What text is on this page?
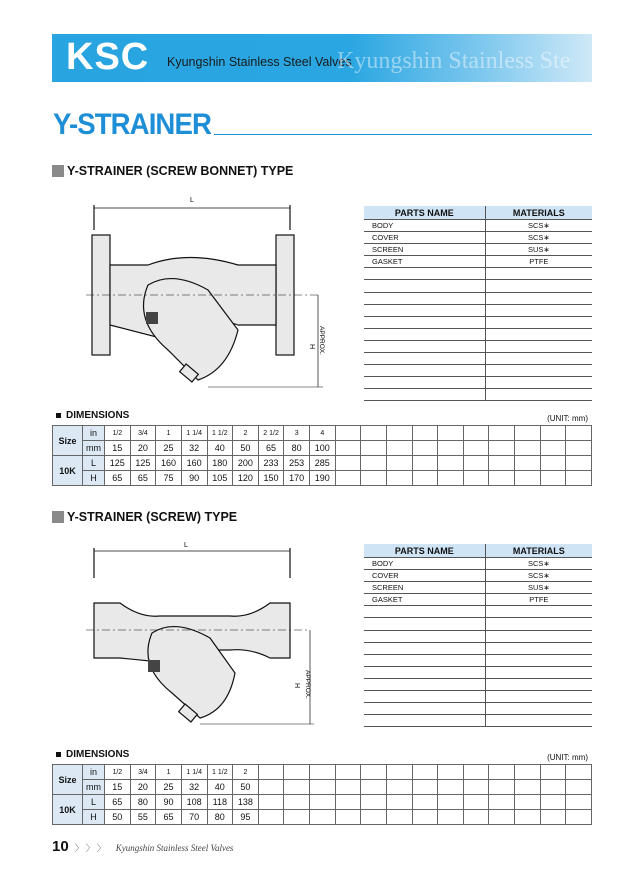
KSC Kyungshin Stainless Steel Valves
Kyungshin Stainless Ste
Y-STRAINER
Y-STRAINER (SCREW BONNET) TYPE
L
H APPROX.
PARTS NAME	MATERIALS
BODY	SCS∗
COVER	SCS∗
SCREEN	SUS∗
GASKET	PTFE

DIMENSIONS	(UNIT: mm)
Size	in	1/2	3/4	1	1 1/4	1 1/2	2	2 1/2	3	4										
	mm	15	20	25	32	40	50	65	80	100										
10K	L	125	125	160	160	180	200	233	253	285										
	H	65	65	75	90	105	120	150	170	190										
Y-STRAINER (SCREW) TYPE
L
H APPROX.
PARTS NAME	MATERIALS
BODY	SCS∗
COVER	SCS∗
SCREEN	SUS∗
GASKET	PTFE

DIMENSIONS	(UNIT: mm)
Size	in	1/2	3/4	1	1 1/4	1 1/2	2													
	mm	15	20	25	32	40	50													
10K	L	65	80	90	108	118	138													
	H	50	55	65	70	80	95													
10 〉〉〉 Kyungshin Stainless Steel Valves
